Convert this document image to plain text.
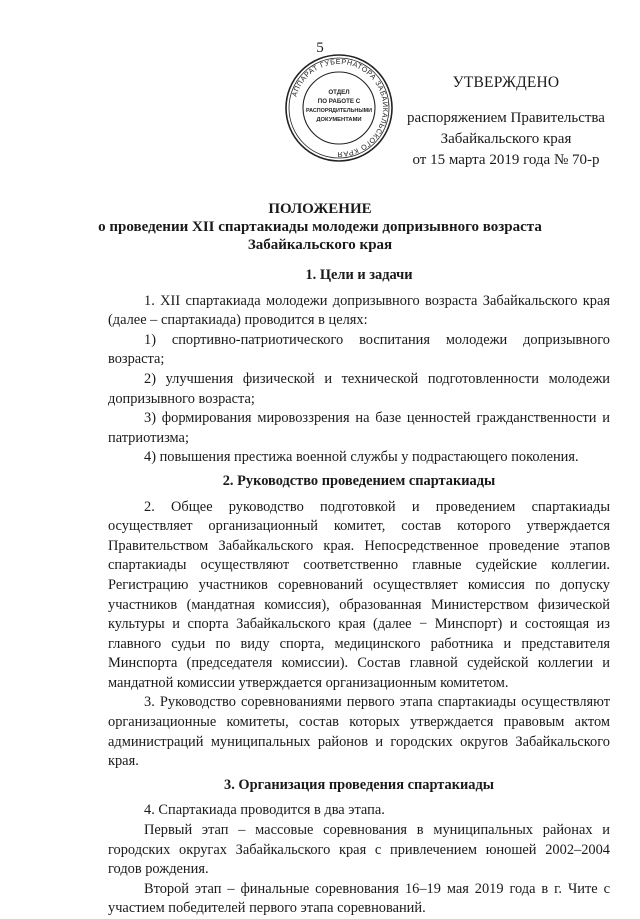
5
АППАРАТ ГУБЕРНАТОРА ЗАБАЙКАЛЬСКОГО КРАЯ
ОТДЕЛ
ПО РАБОТЕ С
РАСПОРЯДИТЕЛЬНЫМИ
ДОКУМЕНТАМИ
УТВЕРЖДЕНО
распоряжением Правительства
Забайкальского края
от 15 марта 2019 года № 70-р
ПОЛОЖЕНИЕ
о проведении XII спартакиады молодежи допризывного возраста
Забайкальского края
1. Цели и задачи

1. XII спартакиада молодежи допризывного возраста Забайкальского края (далее – спартакиада) проводится в целях:

1) спортивно-патриотического воспитания молодежи допризывного возраста;

2) улучшения физической и технической подготовленности молодежи допризывного возраста;

3) формирования мировоззрения на базе ценностей гражданственности и патриотизма;

4) повышения престижа военной службы у подрастающего поколения.

2. Руководство проведением спартакиады

2. Общее руководство подготовкой и проведением спартакиады осуществляет организационный комитет, состав которого утверждается Правительством Забайкальского края. Непосредственное проведение этапов спартакиады осуществляют соответственно главные судейские коллегии. Регистрацию участников соревнований осуществляет комиссия по допуску участников (мандатная комиссия), образованная Министерством физической культуры и спорта Забайкальского края (далее − Минспорт) и состоящая из главного судьи по виду спорта, медицинского работника и представителя Минспорта (председателя комиссии). Состав главной судейской коллегии и мандатной комиссии утверждается организационным комитетом.

3. Руководство соревнованиями первого этапа спартакиады осуществляют организационные комитеты, состав которых утверждается правовым актом администраций муниципальных районов и городских округов Забайкальского края.

3. Организация проведения спартакиады

4. Спартакиада проводится в два этапа.

Первый этап – массовые соревнования в муниципальных районах и городских округах Забайкальского края с привлечением юношей 2002–2004 годов рождения.

Второй этап – финальные соревнования 16–19 мая 2019 года в г. Чите с участием победителей первого этапа соревнований.
